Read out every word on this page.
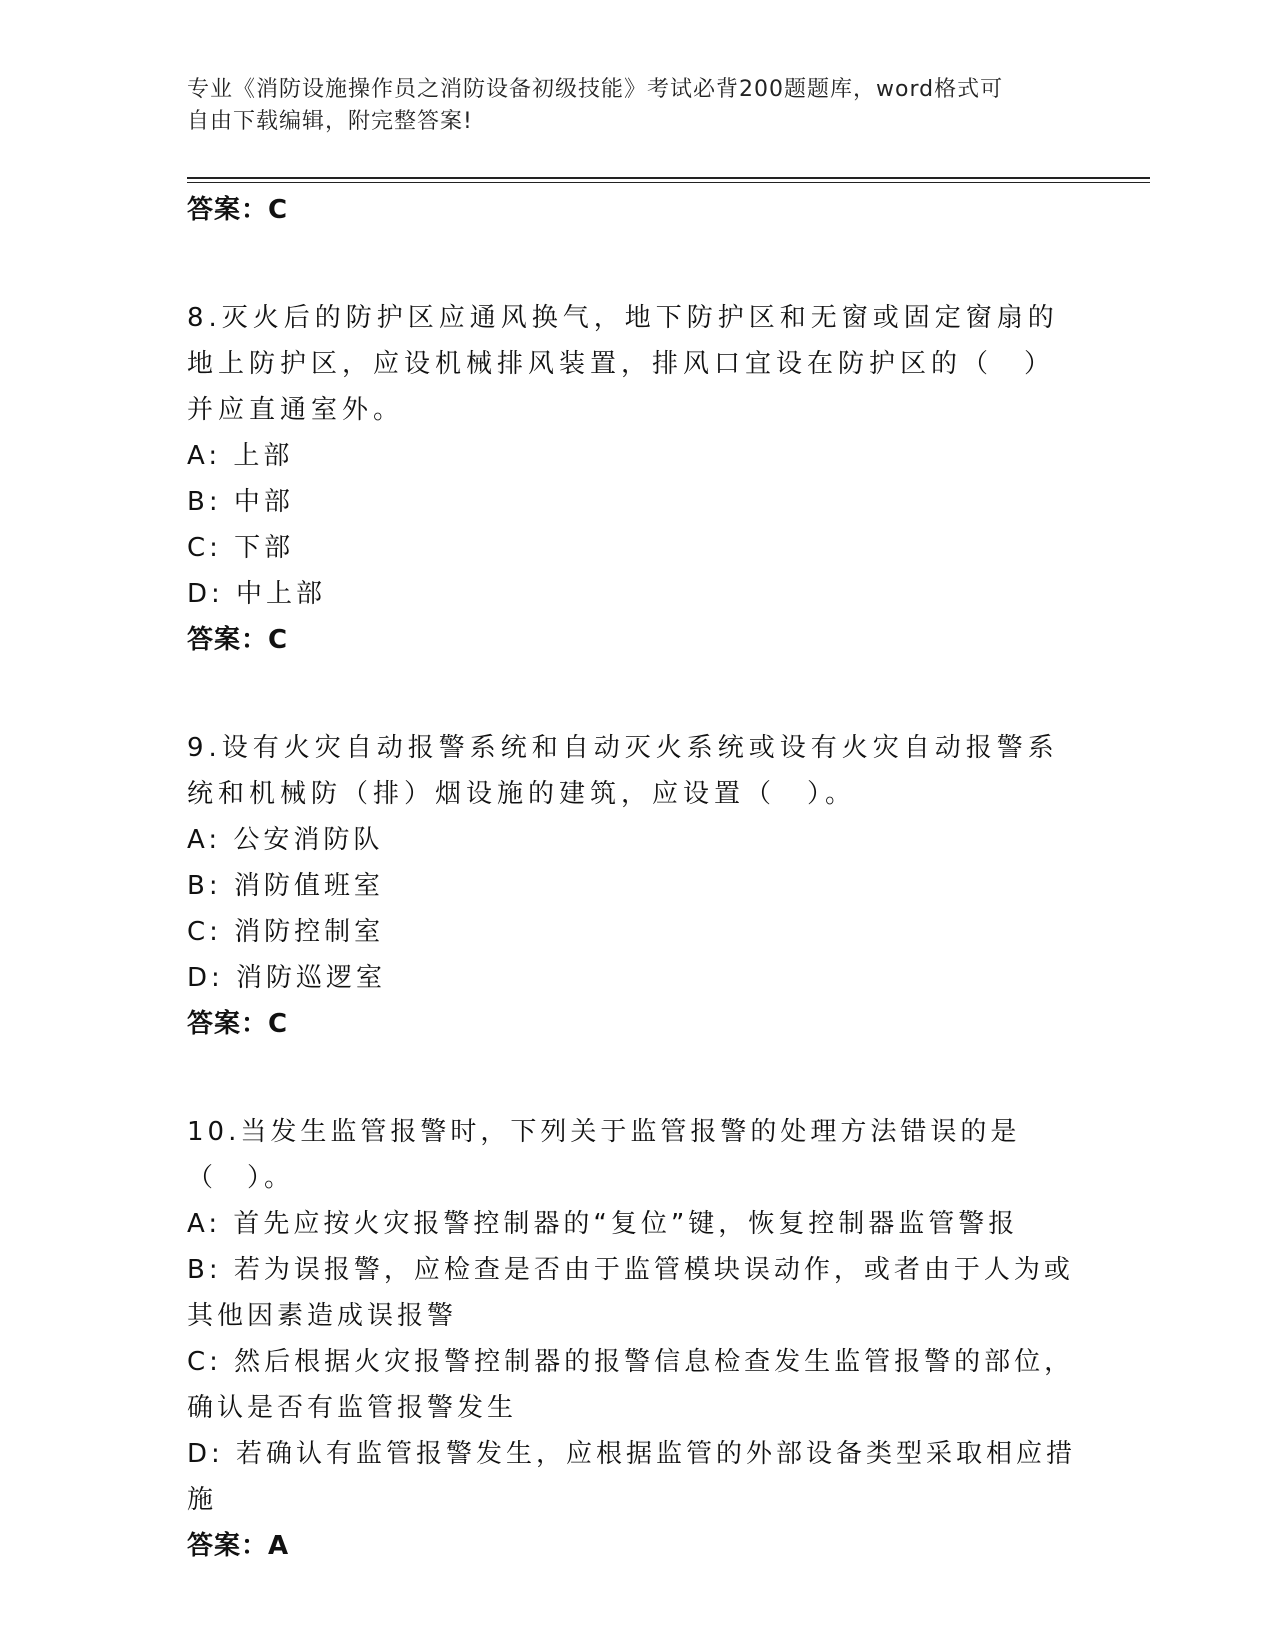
专业《消防设施操作员之消防设备初级技能》考试必背200题题库，word格式可
自由下载编辑，附完整答案!
答案：C
8.灭火后的防护区应通风换气，地下防护区和无窗或固定窗扇的地上防护区，应设机械排风装置，排风口宜设在防护区的（　）并应直通室外。
A: 上部
B: 中部
C: 下部
D: 中上部
答案：C
9.设有火灾自动报警系统和自动灭火系统或设有火灾自动报警系统和机械防（排）烟设施的建筑，应设置（　）。
A: 公安消防队
B: 消防值班室
C: 消防控制室
D: 消防巡逻室
答案：C
10.当发生监管报警时，下列关于监管报警的处理方法错误的是（　）。
A: 首先应按火灾报警控制器的“复位”键，恢复控制器监管警报
B: 若为误报警，应检查是否由于监管模块误动作，或者由于人为或其他因素造成误报警
C: 然后根据火灾报警控制器的报警信息检查发生监管报警的部位，确认是否有监管报警发生
D: 若确认有监管报警发生，应根据监管的外部设备类型采取相应措施
答案：A
